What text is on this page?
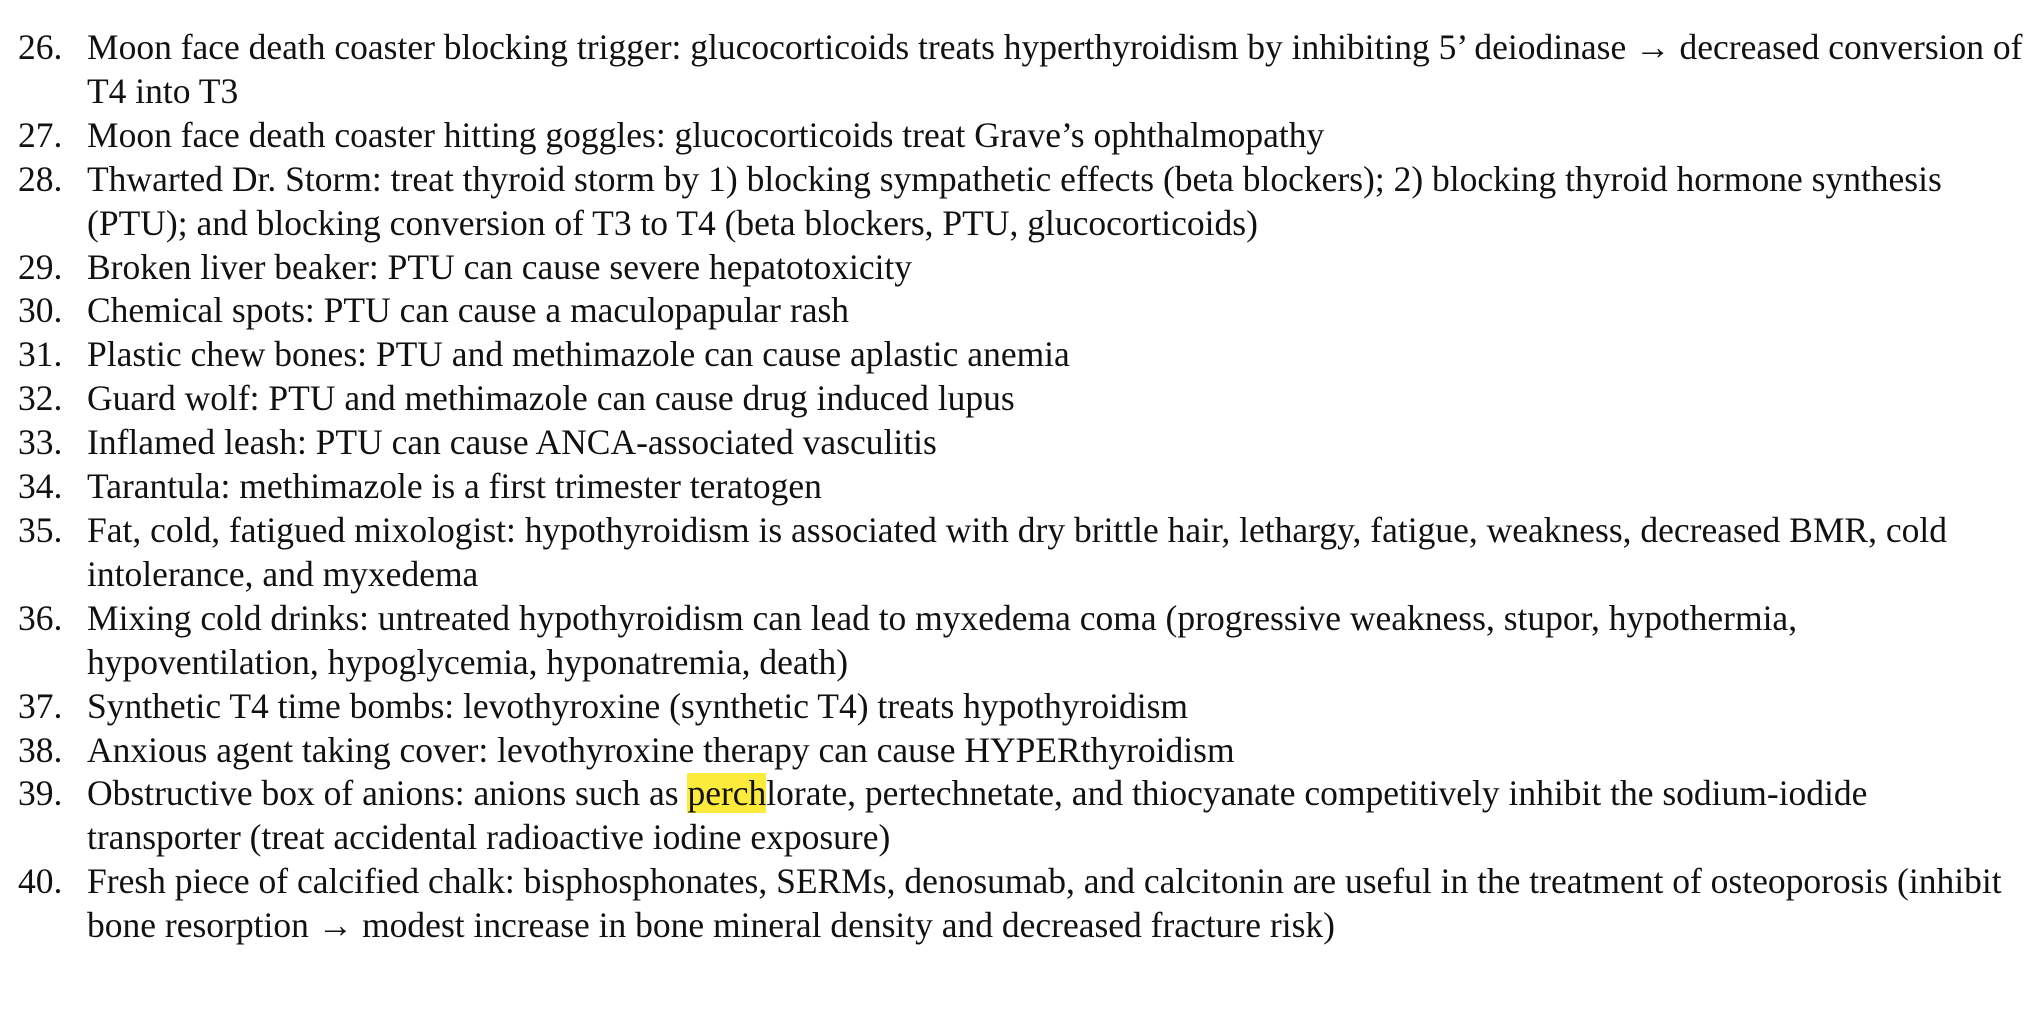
26. Moon face death coaster blocking trigger: glucocorticoids treats hyperthyroidism by inhibiting 5’ deiodinase → decreased conversion of T4 into T3
27. Moon face death coaster hitting goggles: glucocorticoids treat Grave’s ophthalmopathy
28. Thwarted Dr. Storm: treat thyroid storm by 1) blocking sympathetic effects (beta blockers); 2) blocking thyroid hormone synthesis (PTU); and blocking conversion of T3 to T4 (beta blockers, PTU, glucocorticoids)
29. Broken liver beaker: PTU can cause severe hepatotoxicity
30. Chemical spots: PTU can cause a maculopapular rash
31. Plastic chew bones: PTU and methimazole can cause aplastic anemia
32. Guard wolf: PTU and methimazole can cause drug induced lupus
33. Inflamed leash: PTU can cause ANCA-associated vasculitis
34. Tarantula: methimazole is a first trimester teratogen
35. Fat, cold, fatigued mixologist: hypothyroidism is associated with dry brittle hair, lethargy, fatigue, weakness, decreased BMR, cold intolerance, and myxedema
36. Mixing cold drinks: untreated hypothyroidism can lead to myxedema coma (progressive weakness, stupor, hypothermia, hypoventilation, hypoglycemia, hyponatremia, death)
37. Synthetic T4 time bombs: levothyroxine (synthetic T4) treats hypothyroidism
38. Anxious agent taking cover: levothyroxine therapy can cause HYPERthyroidism
39. Obstructive box of anions: anions such as perchlorate, pertechnetate, and thiocyanate competitively inhibit the sodium-iodide transporter (treat accidental radioactive iodine exposure)
40. Fresh piece of calcified chalk: bisphosphonates, SERMs, denosumab, and calcitonin are useful in the treatment of osteoporosis (inhibit bone resorption → modest increase in bone mineral density and decreased fracture risk)
